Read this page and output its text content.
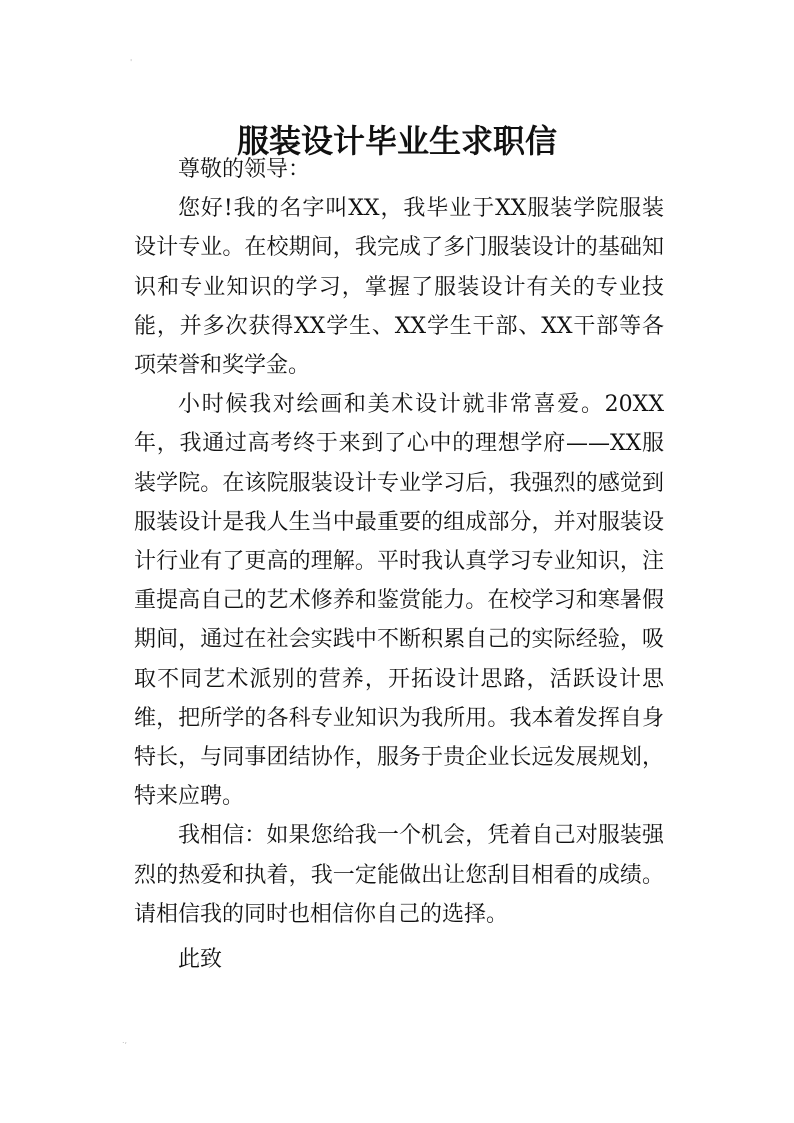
'
.,
服装设计毕业生求职信

尊敬的领导：

您好!我的名字叫XX，我毕业于XX服装学院服装设计专业。在校期间，我完成了多门服装设计的基础知识和专业知识的学习，掌握了服装设计有关的专业技能，并多次获得XX学生、XX学生干部、XX干部等各项荣誉和奖学金。

小时候我对绘画和美术设计就非常喜爱。20XX年，我通过高考终于来到了心中的理想学府——XX服装学院。在该院服装设计专业学习后，我强烈的感觉到服装设计是我人生当中最重要的组成部分，并对服装设计行业有了更高的理解。平时我认真学习专业知识，注重提高自己的艺术修养和鉴赏能力。在校学习和寒暑假期间，通过在社会实践中不断积累自己的实际经验，吸取不同艺术派别的营养，开拓设计思路，活跃设计思维，把所学的各科专业知识为我所用。我本着发挥自身特长，与同事团结协作，服务于贵企业长远发展规划，特来应聘。

我相信：如果您给我一个机会，凭着自己对服装强烈的热爱和执着，我一定能做出让您刮目相看的成绩。请相信我的同时也相信你自己的选择。

此致
